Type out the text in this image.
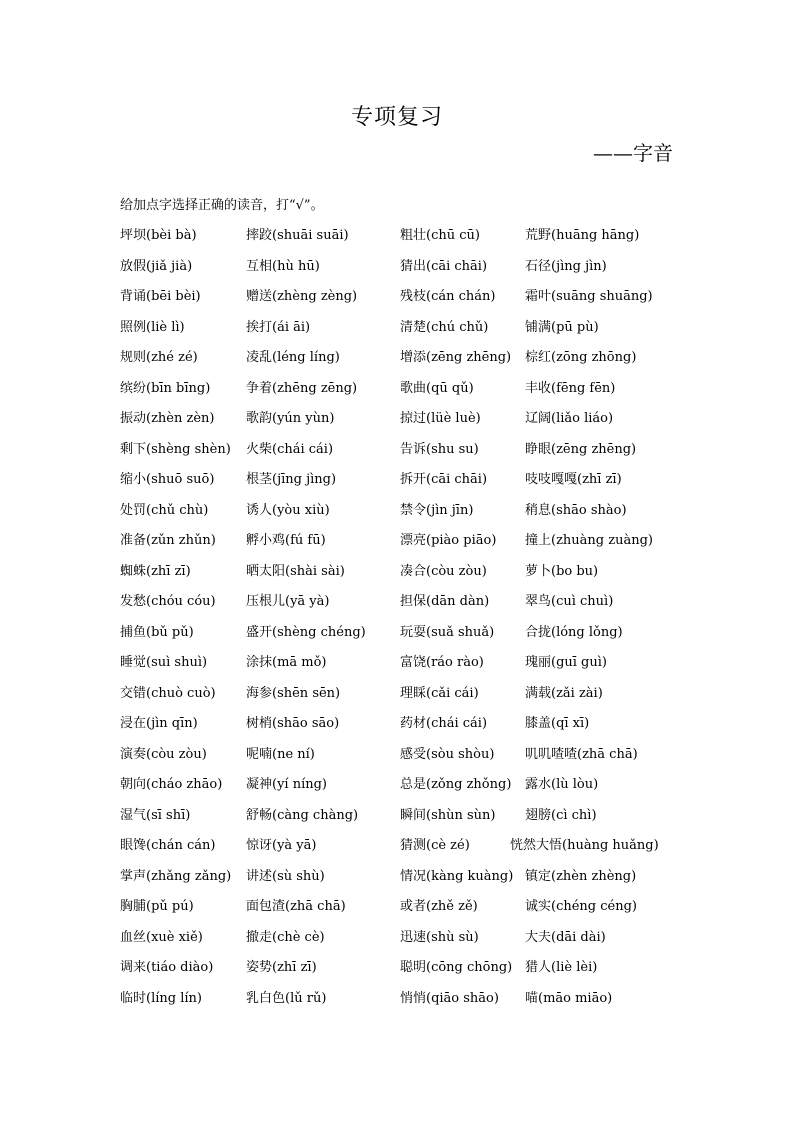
专项复习
——字音
给加点字选择正确的读音，打“√”。
坪坝(bèi bà)	摔跤(shuāi suāi)	粗壮(chū cū)	荒野(huāng hāng)
放假(jiǎ jià)	互相(hù hū)	猜出(cāi chāi)	石径(jìng jìn)
背诵(bēi bèi)	赠送(zhèng zèng)	残枝(cán chán) 霜叶(suāng shuāng)
照例(liè lì)	挨打(ái āi)	清楚(chú chǔ)	铺满(pū pù)
规则(zhé zé)	凌乱(léng líng)	增添(zēng zhēng) 棕红(zōng zhōng)
缤纷(bīn bīng)	争着(zhēng zēng)	歌曲(qū qǔ)	丰收(fēng fēn)
振动(zhèn zèn) 歌韵(yún yùn)	掠过(lüè luè)	辽阔(liǎo liáo)
剩下(shèng shèn) 火柴(chái cái)	告诉(shu su)	睁眼(zēng zhēng)
缩小(shuō suō) 根茎(jīng jìng)	拆开(cāi chāi)	吱吱嘎嘎(zhī zī)
处罚(chǔ chù)	诱人(yòu xiù)	禁令(jìn jīn)	稍息(shāo shào)
准备(zǔn zhǔn) 孵小鸡(fú fū)	漂亮(piào piāo) 撞上(zhuàng zuàng)
蜘蛛(zhī zī)	晒太阳(shài sài)	凑合(còu zòu)	萝卜(bo bu)
发愁(chóu cóu) 压根儿(yā yà)	担保(dān dàn)	翠鸟(cuì chuì)
捕鱼(bǔ pǔ)	盛开(shèng chéng)	玩耍(suǎ shuǎ) 合拢(lóng lǒng)
睡觉(suì shuì)	涂抹(mā mǒ)	富饶(ráo rào)	瑰丽(guī guì)
交错(chuò cuò) 海参(shēn sēn)	理睬(cǎi cái)	满载(zǎi zài)
浸在(jìn qīn)	树梢(shāo sāo)	药材(chái cái)	膝盖(qī xī)
演奏(còu zòu)	呢喃(ne ní)	感受(sòu shòu) 叽叽喳喳(zhā chā)
朝向(cháo zhāo) 凝神(yí níng)	总是(zǒng zhǒng) 露水(lù lòu)
湿气(sī shī)	舒畅(càng chàng)	瞬间(shùn sùn) 翅膀(cì chì)
眼馋(chán cán) 惊讶(yà yā)	猜测(cè zé)	恍然大悟(huàng huǎng)
掌声(zhǎng zǎng) 讲述(sù shù)	情况(kàng kuàng) 镇定(zhèn zhèng)
胸脯(pǔ pú)	面包渣(zhā chā)	或者(zhě zě)	诚实(chéng céng)
血丝(xuè xiě)	撤走(chè cè)	迅速(shù sù)	大夫(dāi dài)
调来(tiáo diào)	姿势(zhī zī)	聪明(cōng chōng) 猎人(liè lèi)
临时(líng lín)	乳白色(lǔ rǔ)	悄悄(qiāo shāo) 喵(māo miāo)
